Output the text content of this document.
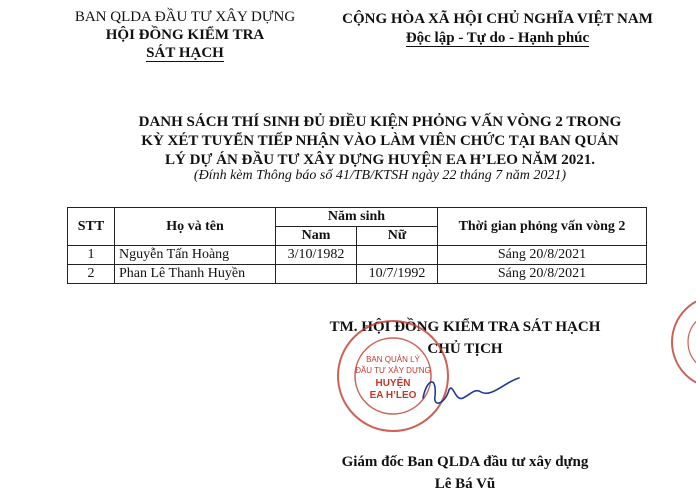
BAN QLDA ĐẦU TƯ XÂY DỰNG
HỘI ĐỒNG KIỂM TRA
SÁT HẠCH
CỘNG HÒA XÃ HỘI CHỦ NGHĨA VIỆT NAM
Độc lập - Tự do - Hạnh phúc
DANH SÁCH THÍ SINH ĐỦ ĐIỀU KIỆN PHỎNG VẤN VÒNG 2 TRONG
KỲ XÉT TUYỂN TIẾP NHẬN VÀO LÀM VIÊN CHỨC TẠI BAN QUẢN
LÝ DỰ ÁN ĐẦU TƯ XÂY DỰNG HUYỆN EA H’LEO NĂM 2021.
(Đính kèm Thông báo số 41/TB/KTSH ngày 22 tháng 7 năm 2021)
STT	Họ và tên	Năm sinh		Thời gian phỏng vấn vòng 2
		Nam	Nữ	
1	Nguyễn Tấn Hoàng	3/10/1982		Sáng 20/8/2021
2	Phan Lê Thanh Huyền		10/7/1992	Sáng 20/8/2021
TM. HỘI ĐỒNG KIỂM TRA SÁT HẠCH
CHỦ TỊCH
BAN QUẢN LÝ
ĐẦU TƯ XÂY DỰNG
HUYỆN
EA H’LEO
Giám đốc Ban QLDA đầu tư xây dựng
Lê Bá Vũ
